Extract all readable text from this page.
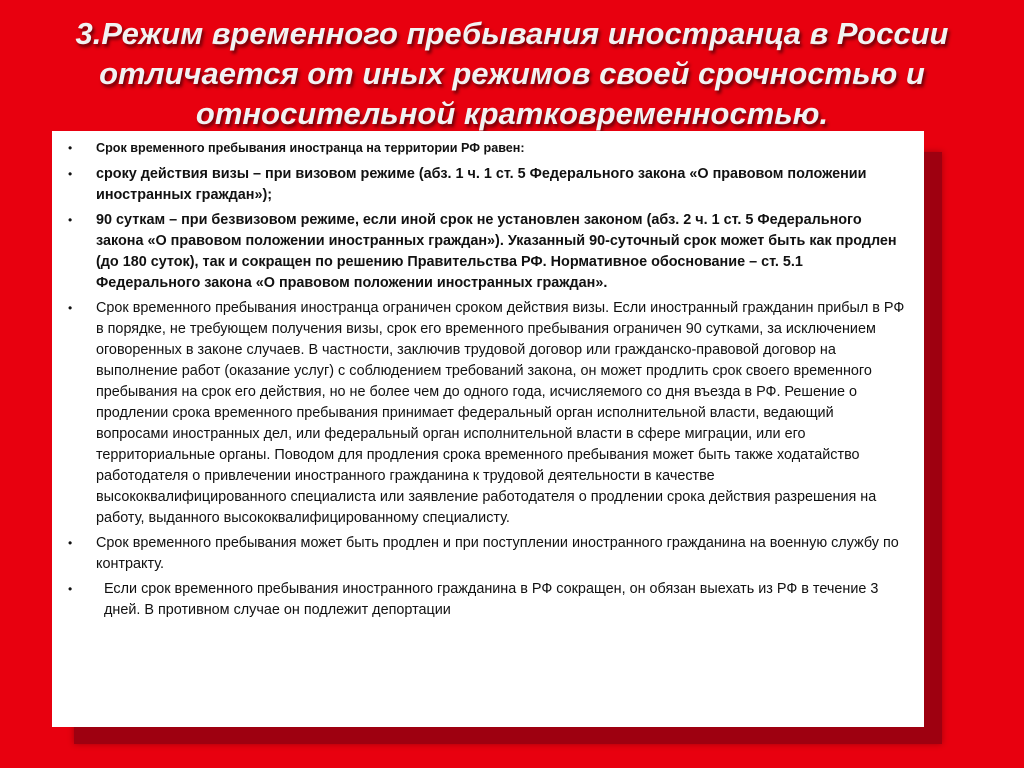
3.Режим временного пребывания иностранца в России отличается от иных режимов своей срочностью и относительной кратковременностью.
• Срок временного пребывания иностранца на территории РФ равен:
• сроку действия визы – при визовом режиме (абз. 1 ч. 1 ст. 5 Федерального закона «О правовом положении иностранных граждан»);
• 90 суткам – при безвизовом режиме, если иной срок не установлен законом (абз. 2 ч. 1 ст. 5 Федерального закона «О правовом положении иностранных граждан»). Указанный 90-суточный срок может быть как продлен (до 180 суток), так и сокращен по решению Правительства РФ. Нормативное обоснование – ст. 5.1 Федерального закона «О правовом положении иностранных граждан».
• Срок временного пребывания иностранца ограничен сроком действия визы. Если иностранный гражданин прибыл в РФ в порядке, не требующем получения визы, срок его временного пребывания ограничен 90 сутками, за исключением оговоренных в законе случаев. В частности, заключив трудовой договор или гражданско-правовой договор на выполнение работ (оказание услуг) с соблюдением требований закона, он может продлить срок своего временного пребывания на срок его действия, но не более чем до одного года, исчисляемого со дня въезда в РФ. Решение о продлении срока временного пребывания принимает федеральный орган исполнительной власти, ведающий вопросами иностранных дел, или федеральный орган исполнительной власти в сфере миграции, или его территориальные органы. Поводом для продления срока временного пребывания может быть также ходатайство работодателя о привлечении иностранного гражданина к трудовой деятельности в качестве высококвалифицированного специалиста или заявление работодателя о продлении срока действия разрешения на работу, выданного высококвалифицированному специалисту.
• Срок временного пребывания может быть продлен и при поступлении иностранного гражданина на военную службу по контракту.
•	Если срок временного пребывания иностранного гражданина в РФ сокращен, он обязан выехать из РФ в течение 3 дней. В противном случае он подлежит депортации
